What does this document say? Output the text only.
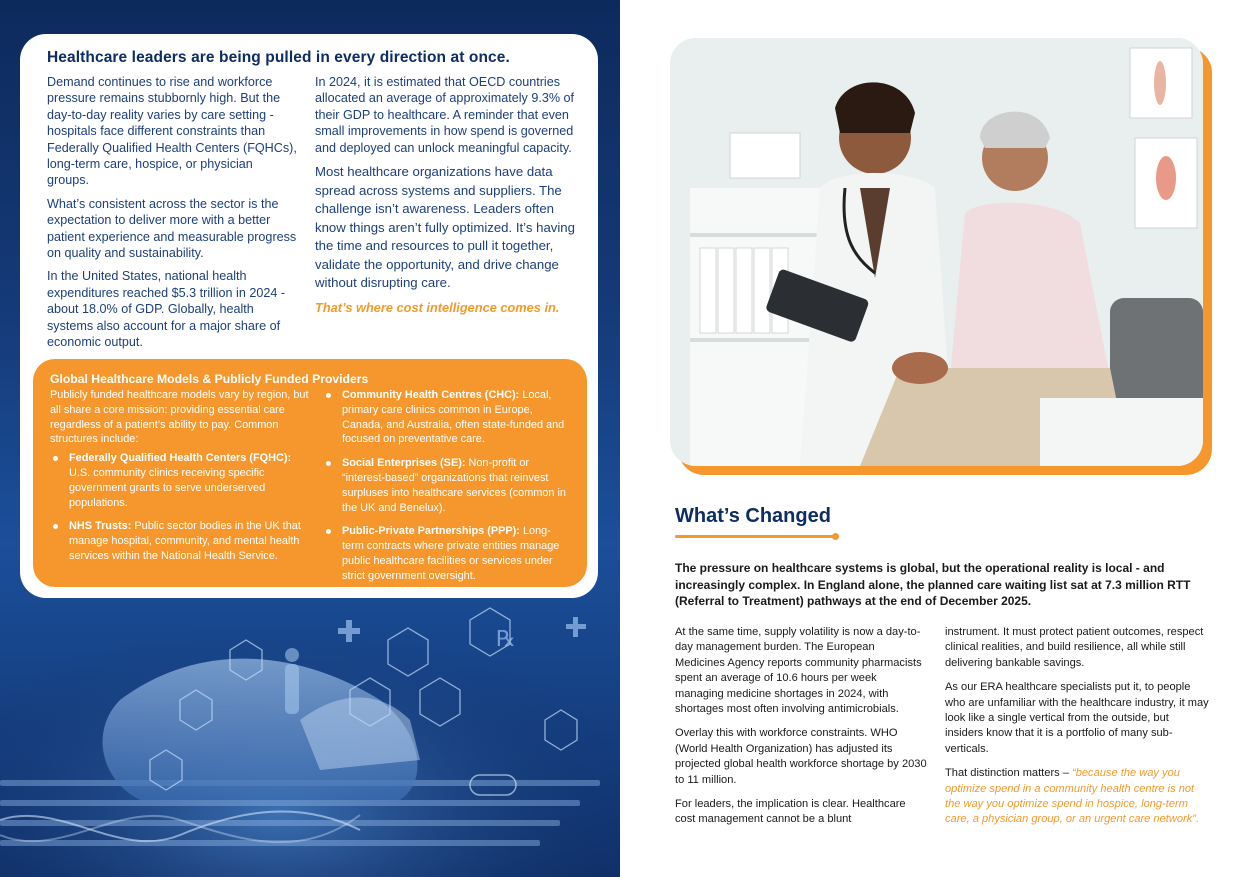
℞
Healthcare leaders are being pulled in every direction at once.

Demand continues to rise and workforce pressure remains stubbornly high. But the day-to-day reality varies by care setting - hospitals face different constraints than Federally Qualified Health Centers (FQHCs), long-term care, hospice, or physician groups.

What’s consistent across the sector is the expectation to deliver more with a better patient experience and measurable progress on quality and sustainability.

In the United States, national health expenditures reached $5.3 trillion in 2024 - about 18.0% of GDP. Globally, health systems also account for a major share of economic output.

In 2024, it is estimated that OECD countries allocated an average of approximately 9.3% of their GDP to healthcare. A reminder that even small improvements in how spend is governed and deployed can unlock meaningful capacity.

Most healthcare organizations have data spread across systems and suppliers. The challenge isn’t awareness. Leaders often know things aren’t fully optimized. It’s having the time and resources to pull it together, validate the opportunity, and drive change without disrupting care.

That’s where cost intelligence comes in.

Global Healthcare Models & Publicly Funded Providers

Publicly funded healthcare models vary by region, but all share a core mission: providing essential care regardless of a patient’s ability to pay. Common structures include:

Federally Qualified Health Centers (FQHC): U.S. community clinics receiving specific government grants to serve underserved populations.
NHS Trusts: Public sector bodies in the UK that manage hospital, community, and mental health services within the National Health Service.
Community Health Centres (CHC): Local, primary care clinics common in Europe, Canada, and Australia, often state-funded and focused on preventative care.
Social Enterprises (SE): Non-profit or “interest-based” organizations that reinvest surpluses into healthcare services (common in the UK and Benelux).
Public-Private Partnerships (PPP): Long-term contracts where private entities manage public healthcare facilities or services under strict government oversight.
What’s Changed

The pressure on healthcare systems is global, but the operational reality is local - and increasingly complex. In England alone, the planned care waiting list sat at 7.3 million RTT (Referral to Treatment) pathways at the end of December 2025.

At the same time, supply volatility is now a day-to-day management burden. The European Medicines Agency reports community pharmacists spent an average of 10.6 hours per week managing medicine shortages in 2024, with shortages most often involving antimicrobials.

Overlay this with workforce constraints. WHO (World Health Organization) has adjusted its projected global health workforce shortage by 2030 to 11 million.

For leaders, the implication is clear. Healthcare cost management cannot be a blunt

instrument. It must protect patient outcomes, respect clinical realities, and build resilience, all while still delivering bankable savings.

As our ERA healthcare specialists put it, to people who are unfamiliar with the healthcare industry, it may look like a single vertical from the outside, but insiders know that it is a portfolio of many sub-verticals.

That distinction matters – “because the way you optimize spend in a community health centre is not the way you optimize spend in hospice, long-term care, a physician group, or an urgent care network”.
